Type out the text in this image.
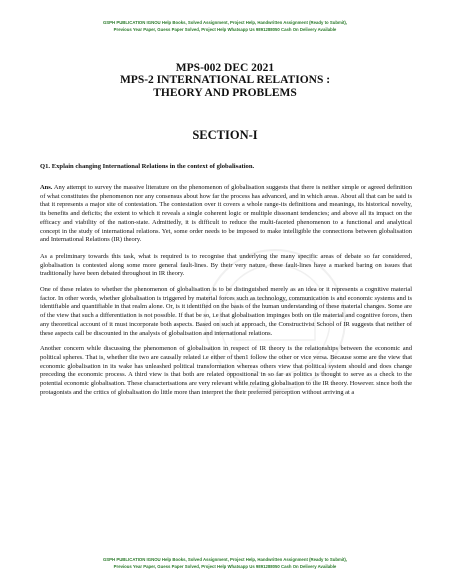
GSPH PUBLICATION IGNOU Help Books, Solved Assignment, Project Help, Handwritten Assignment (Ready to Submit),
Previous Year Paper, Guess Paper Solved, Project Help Whatsapp Us 9891288050 Cash On Delivery Available
MPS-002 DEC 2021
MPS-2 INTERNATIONAL RELATIONS :
THEORY AND PROBLEMS
SECTION-I
Q1. Explain changing International Relations in the context of globalisation.

Ans. Any attempt to survey the massive literature on the phenomenon of globalisation suggests that there is neither simple or agreed definition of what constitutes the phenomenon nor any consensus about how far the process has advanced, and in which areas. About all that can be said is that it represents a major site of contestation. The contestation over it covers a whole range-its definitions and meanings, its historical novelty, its benefits and deficits; the extent to which it reveals a single coherent logic or multiple dissonant tendencies; and above all its impact on the efficacy and viability of the nation-state. Admittedly, it is difficult to reduce the multi-faceted phenomenon to a functional and analytical concept in the study of international relations. Yet, some order needs to be imposed to make intelligible the connections between globalisation and International Relations (IR) theory.

As a preliminary towards this task, what is required is to recognise that underlying the many specific areas of debate so far considered, globalisation is contested along some more general fault-lines. By their very nature, these fault-lines have a marked baring on issues that traditionally have been debated throughout in IR theory.

One of these relates to whether the phenomenon of globalisation is to be distinguished merely as an idea or it represents a cognitive material factor. In other words, whether globalisation is triggered by material forces such as technology, communication is and economic systems and is identifiable and quantifiable in that realm alone. Or, is it identified on the basis of the human understanding of these material changes. Some are of the view that such a differentiation is not possible. If that be so, i.e that globalisation impinges both on tile material and cognitive forces, then any theoretical account of it must incorporate both aspects. Based on such at approach, the Constructivist School of IR suggests that neither of these aspects call be discounted in the analysis of globalisation and international relations.

Another concern while discussing the phenomenon of globalisation in respect of IR theory is the relationships between the economic and political spheres. That is, whether tlie two are causally related i.e either of then1 follow the other or vice versa. Because some are the view that economic globalisation in its wake has unleashed political transformation whereas others view that political system should and does change preceding the economic process. A third view is that both are related oppositional in so far as politics is thought to serve as a check to the potential economic globalisation. These characterisations are very relevant while relating globalisation to tlie IR theory. However. since both the protagonists and the critics of globalisation do little more than interpret the their preferred perception without arriving at a

GSPH PUBLICATION IGNOU Help Books, Solved Assignment, Project Help, Handwritten Assignment (Ready to Submit),
Previous Year Paper, Guess Paper Solved, Project Help Whatsapp Us 9891288050 Cash On Delivery Available
